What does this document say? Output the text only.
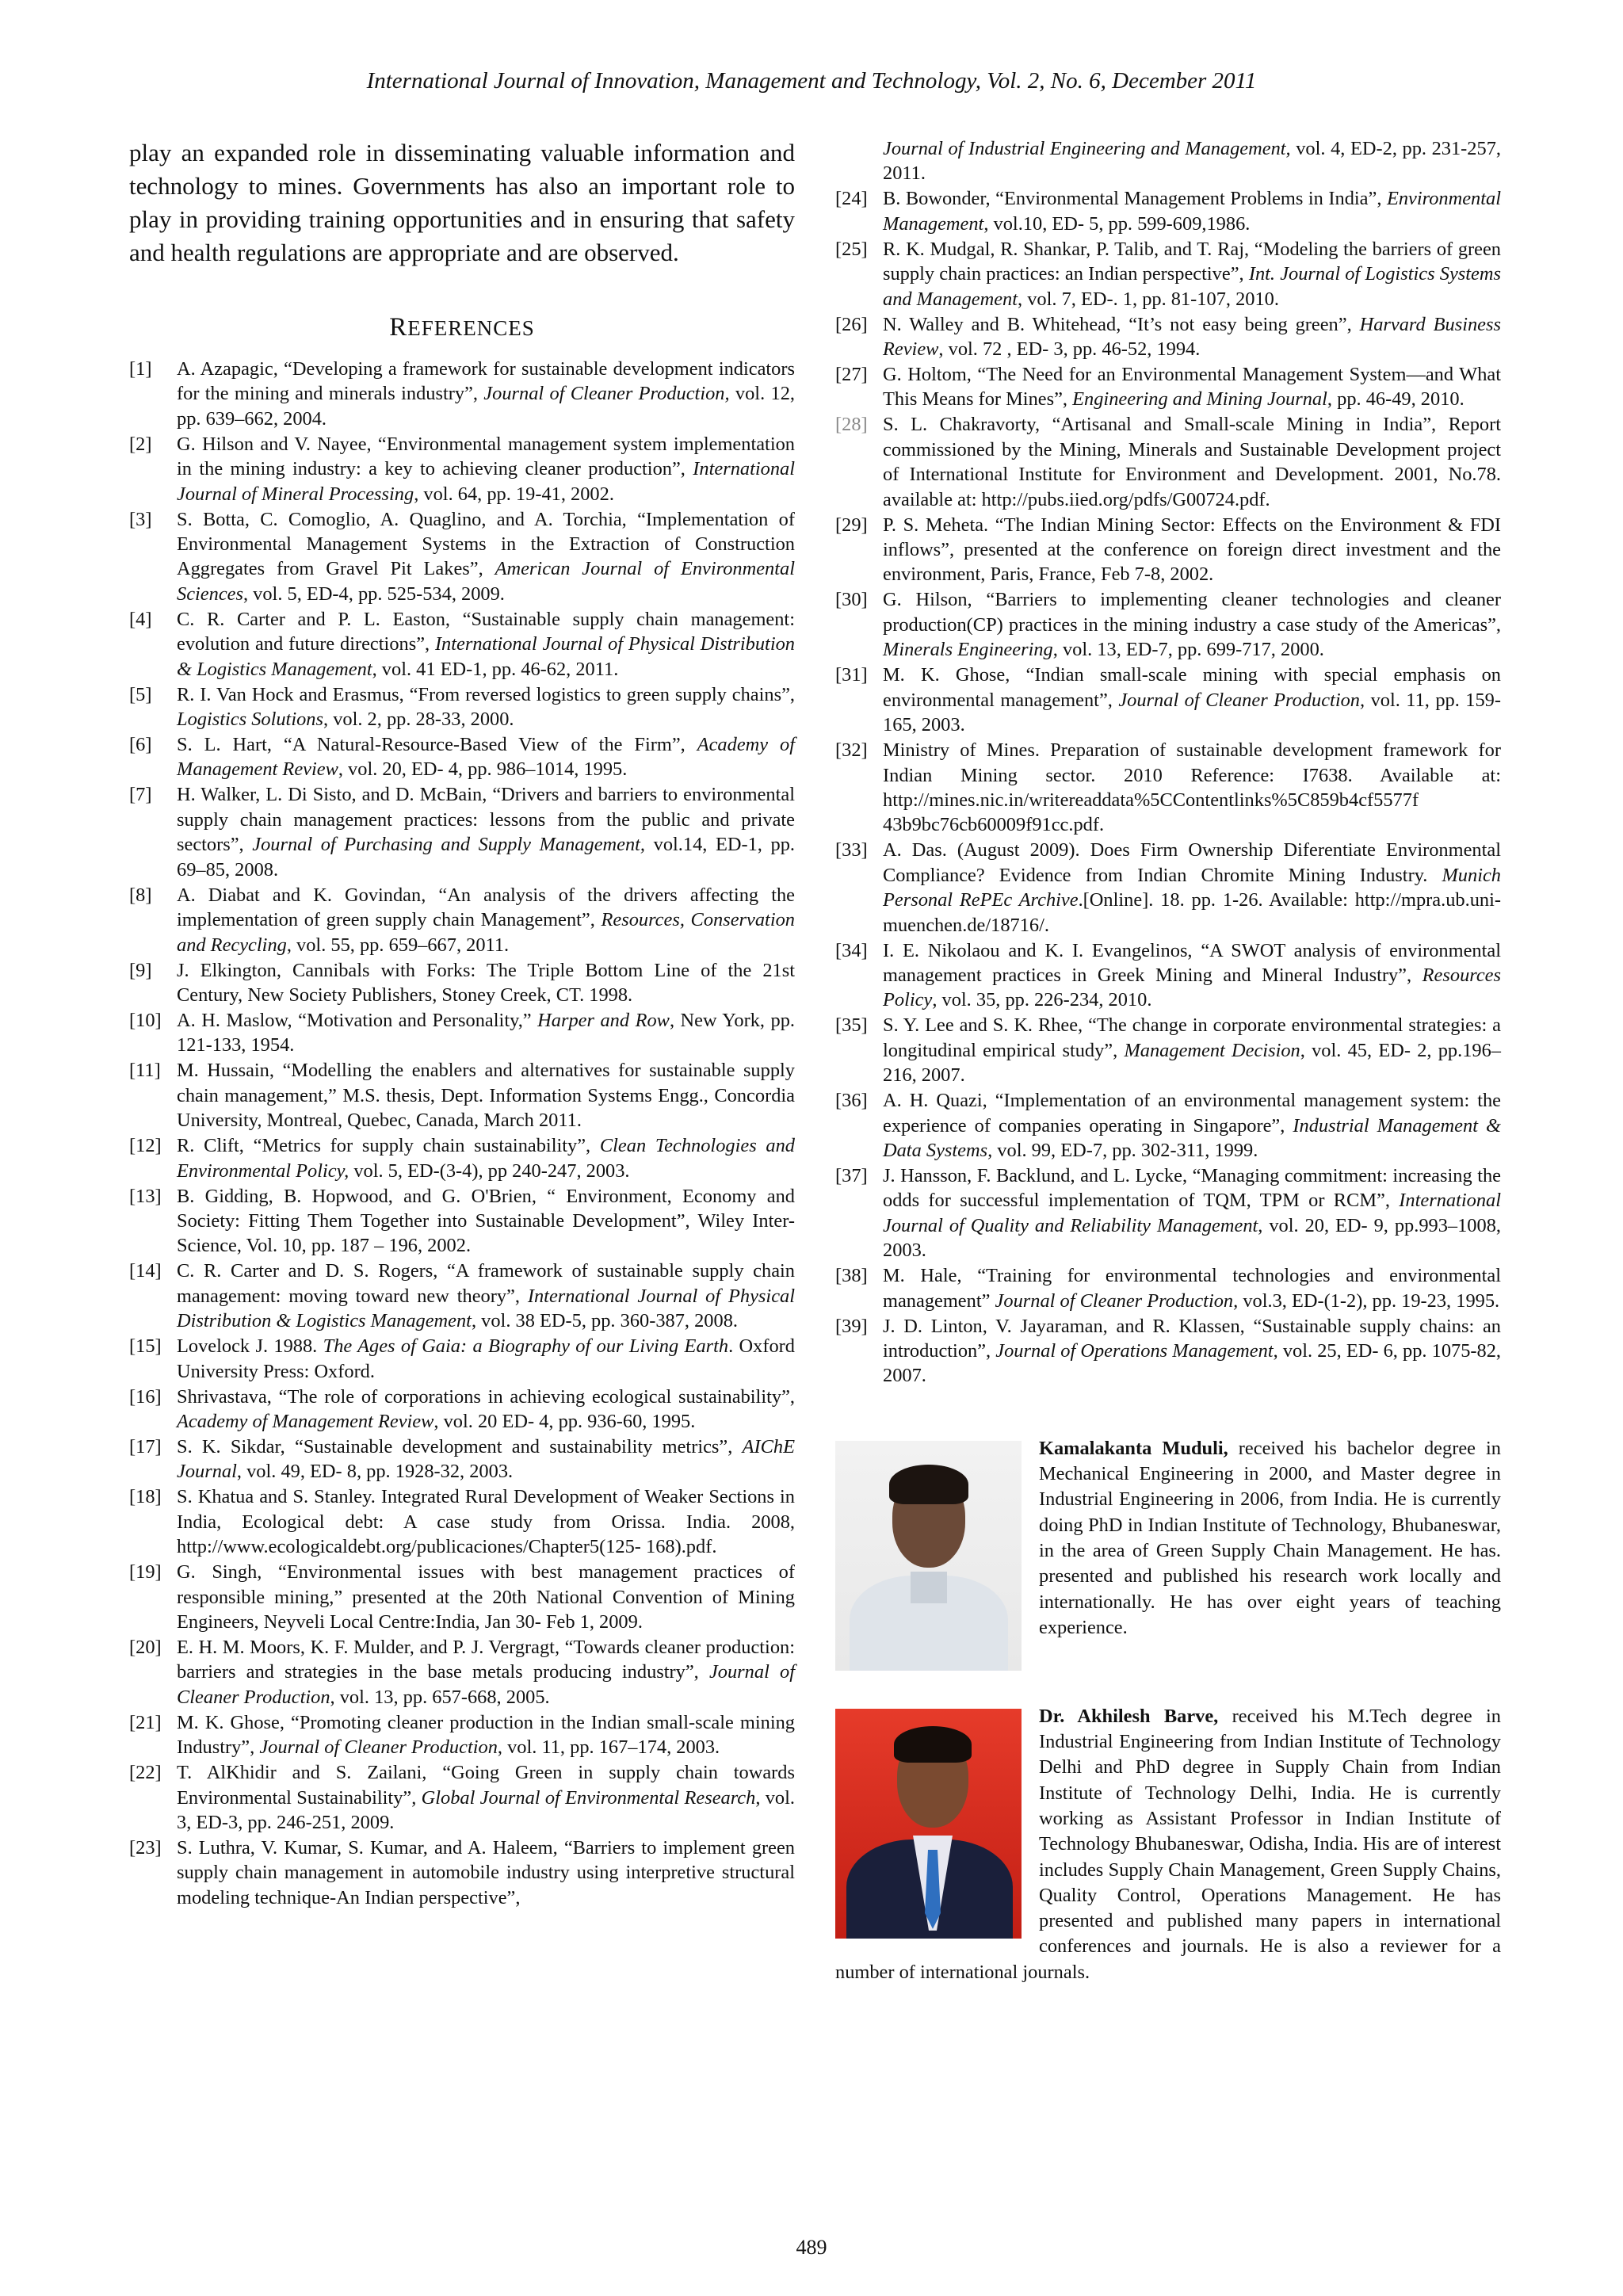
International Journal of Innovation, Management and Technology, Vol. 2, No. 6, December 2011

play an expanded role in disseminating valuable information and technology to mines. Governments has also an important role to play in providing training opportunities and in ensuring that safety and health regulations are appropriate and are observed.

REFERENCES
[1]	A. Azapagic, “Developing a framework for sustainable development indicators for the mining and minerals industry”, Journal of Cleaner Production, vol. 12, pp. 639–662, 2004.
[2]	G. Hilson and V. Nayee, “Environmental management system implementation in the mining industry: a key to achieving cleaner production”, International Journal of Mineral Processing, vol. 64, pp. 19-41, 2002.
[3]	S. Botta, C. Comoglio, A. Quaglino, and A. Torchia, “Implementation of Environmental Management Systems in the Extraction of Construction Aggregates from Gravel Pit Lakes”, American Journal of Environmental Sciences, vol. 5, ED-4, pp. 525-534, 2009.
[4]	C. R. Carter and P. L. Easton, “Sustainable supply chain management: evolution and future directions”, International Journal of Physical Distribution & Logistics Management, vol. 41 ED-1, pp. 46-62, 2011.
[5]	R. I. Van Hock and Erasmus, “From reversed logistics to green supply chains”, Logistics Solutions, vol. 2, pp. 28-33, 2000.
[6]	S. L. Hart, “A Natural-Resource-Based View of the Firm”, Academy of Management Review, vol. 20, ED- 4, pp. 986–1014, 1995.
[7]	H. Walker, L. Di Sisto, and D. McBain, “Drivers and barriers to environmental supply chain management practices: lessons from the public and private sectors”, Journal of Purchasing and Supply Management, vol.14, ED-1, pp. 69–85, 2008.
[8]	A. Diabat and K. Govindan, “An analysis of the drivers affecting the implementation of green supply chain Management”, Resources, Conservation and Recycling, vol. 55, pp. 659–667, 2011.
[9]	J. Elkington, Cannibals with Forks: The Triple Bottom Line of the 21st Century, New Society Publishers, Stoney Creek, CT. 1998.
[10] A. H. Maslow, “Motivation and Personality,” Harper and Row, New York, pp. 121-133, 1954.
[11] M. Hussain, “Modelling the enablers and alternatives for sustainable supply chain management,” M.S. thesis, Dept. Information Systems Engg., Concordia University, Montreal, Quebec, Canada, March 2011.
[12] R. Clift, “Metrics for supply chain sustainability”, Clean Technologies and Environmental Policy, vol. 5, ED-(3-4), pp 240-247, 2003.
[13] B. Gidding, B. Hopwood, and G. O'Brien, “ Environment, Economy and Society: Fitting Them Together into Sustainable Development”, Wiley Inter-Science, Vol. 10, pp. 187 – 196, 2002.
[14] C. R. Carter and D. S. Rogers, “A framework of sustainable supply chain management: moving toward new theory”, International Journal of Physical Distribution & Logistics Management, vol. 38 ED-5, pp. 360-387, 2008.
[15] Lovelock J. 1988. The Ages of Gaia: a Biography of our Living Earth. Oxford University Press: Oxford.
[16] Shrivastava, “The role of corporations in achieving ecological sustainability”, Academy of Management Review, vol. 20 ED- 4, pp. 936-60, 1995.
[17] S. K. Sikdar, “Sustainable development and sustainability metrics”, AIChE Journal, vol. 49, ED- 8, pp. 1928-32, 2003.
[18] S. Khatua and S. Stanley. Integrated Rural Development of Weaker Sections in India, Ecological debt: A case study from Orissa. India. 2008, http://www.ecologicaldebt.org/publicaciones/Chapter5(125- 168).pdf.
[19] G. Singh, “Environmental issues with best management practices of responsible mining,” presented at the 20th National Convention of Mining Engineers, Neyveli Local Centre:India, Jan 30- Feb 1, 2009.
[20] E. H. M. Moors, K. F. Mulder, and P. J. Vergragt, “Towards cleaner production: barriers and strategies in the base metals producing industry”, Journal of Cleaner Production, vol. 13, pp. 657-668, 2005.
[21] M. K. Ghose, “Promoting cleaner production in the Indian small-scale mining Industry”, Journal of Cleaner Production, vol. 11, pp. 167–174, 2003.
[22] T. AlKhidir and S. Zailani, “Going Green in supply chain towards Environmental Sustainability”, Global Journal of Environmental Research, vol. 3, ED-3, pp. 246-251, 2009.
[23] S. Luthra, V. Kumar, S. Kumar, and A. Haleem, “Barriers to implement green supply chain management in automobile industry using interpretive structural modeling technique-An Indian perspective”,
Journal of Industrial Engineering and Management, vol. 4, ED-2, pp. 231-257, 2011.
[24] B. Bowonder, “Environmental Management Problems in India”, Environmental Management, vol.10, ED- 5, pp. 599-609,1986.
[25] R. K. Mudgal, R. Shankar, P. Talib, and T. Raj, “Modeling the barriers of green supply chain practices: an Indian perspective”, Int. Journal of Logistics Systems and Management, vol. 7, ED-. 1, pp. 81-107, 2010.
[26] N. Walley and B. Whitehead, “It’s not easy being green”, Harvard Business Review, vol. 72 , ED- 3, pp. 46-52, 1994.
[27] G. Holtom, “The Need for an Environmental Management System—and What This Means for Mines”, Engineering and Mining Journal, pp. 46-49, 2010.
[28] S. L. Chakravorty, “Artisanal and Small-scale Mining in India”, Report commissioned by the Mining, Minerals and Sustainable Development project of International Institute for Environment and Development. 2001, No.78. available at: http://pubs.iied.org/pdfs/G00724.pdf.
[29] P. S. Meheta. “The Indian Mining Sector: Effects on the Environment & FDI inflows”, presented at the conference on foreign direct investment and the environment, Paris, France, Feb 7-8, 2002.
[30] G. Hilson, “Barriers to implementing cleaner technologies and cleaner production(CP) practices in the mining industry a case study of the Americas”, Minerals Engineering, vol. 13, ED-7, pp. 699-717, 2000.
[31] M. K. Ghose, “Indian small-scale mining with special emphasis on environmental management”, Journal of Cleaner Production, vol. 11, pp. 159-165, 2003.
[32] Ministry of Mines. Preparation of sustainable development framework for Indian Mining sector. 2010 Reference: I7638. Available at: http://mines.nic.in/writereaddata%5CContentlinks%5C859b4cf5577f 43b9bc76cb60009f91cc.pdf.
[33] A. Das. (August 2009). Does Firm Ownership Diferentiate Environmental Compliance? Evidence from Indian Chromite Mining Industry. Munich Personal RePEc Archive.[Online]. 18. pp. 1-26. Available: http://mpra.ub.uni-muenchen.de/18716/.
[34] I. E. Nikolaou and K. I. Evangelinos, “A SWOT analysis of environmental management practices in Greek Mining and Mineral Industry”, Resources Policy, vol. 35, pp. 226-234, 2010.
[35] S. Y. Lee and S. K. Rhee, “The change in corporate environmental strategies: a longitudinal empirical study”, Management Decision, vol. 45, ED- 2, pp.196–216, 2007.
[36] A. H. Quazi, “Implementation of an environmental management system: the experience of companies operating in Singapore”, Industrial Management & Data Systems, vol. 99, ED-7, pp. 302-311, 1999.
[37] J. Hansson, F. Backlund, and L. Lycke, “Managing commitment: increasing the odds for successful implementation of TQM, TPM or RCM”, International Journal of Quality and Reliability Management, vol. 20, ED- 9, pp.993–1008, 2003.
[38] M. Hale, “Training for environmental technologies and environmental management” Journal of Cleaner Production, vol.3, ED-(1-2), pp. 19-23, 1995.
[39] J. D. Linton, V. Jayaraman, and R. Klassen, “Sustainable supply chains: an introduction”, Journal of Operations Management, vol. 25, ED- 6, pp. 1075-82, 2007.
Kamalakanta Muduli, received his bachelor degree in Mechanical Engineering in 2000, and Master degree in Industrial Engineering in 2006, from India. He is currently doing PhD in Indian Institute of Technology, Bhubaneswar, in the area of Green Supply Chain Management. He has. presented and published his research work locally and internationally. He has over eight years of teaching experience.
Dr. Akhilesh Barve, received his M.Tech degree in Industrial Engineering from Indian Institute of Technology Delhi and PhD degree in Supply Chain from Indian Institute of Technology Delhi, India. He is currently working as Assistant Professor in Indian Institute of Technology Bhubaneswar, Odisha, India. His are of interest includes Supply Chain Management, Green Supply Chains, Quality Control, Operations Management. He has presented and published many papers in international conferences and journals. He is also a reviewer for a number of international journals.
489
